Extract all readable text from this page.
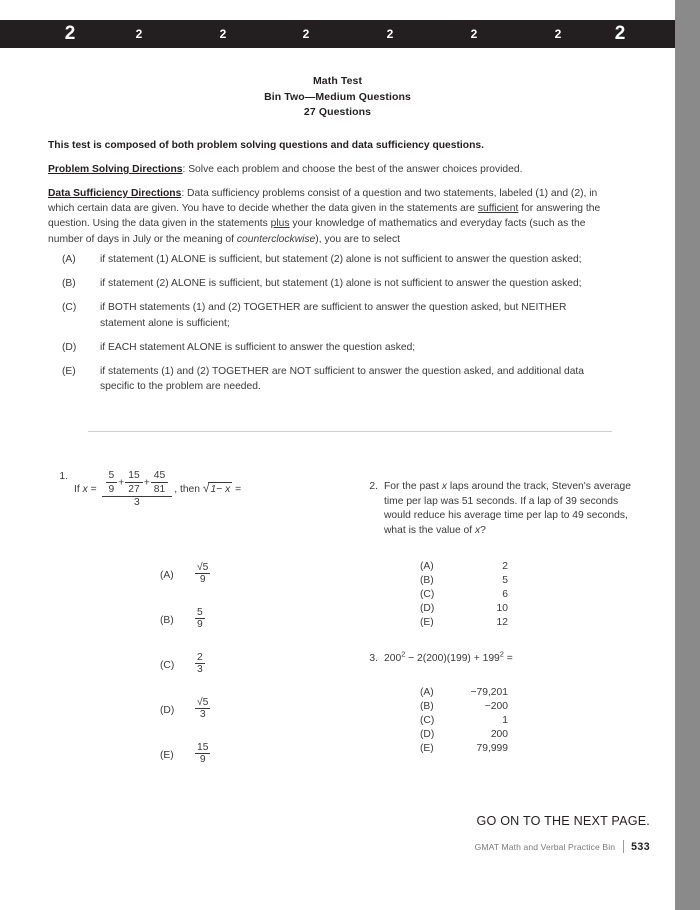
2	2	2	2	2	2	2	2
Math Test
Bin Two—Medium Questions
27 Questions
This test is composed of both problem solving questions and data sufficiency questions.
Problem Solving Directions: Solve each problem and choose the best of the answer choices provided.
Data Sufficiency Directions: Data sufficiency problems consist of a question and two statements, labeled (1) and (2), in which certain data are given. You have to decide whether the data given in the statements are sufficient for answering the question. Using the data given in the statements plus your knowledge of mathematics and everyday facts (such as the number of days in July or the meaning of counterclockwise), you are to select
(A)	if statement (1) ALONE is sufficient, but statement (2) alone is not sufficient to answer the question asked;
(B)	if statement (2) ALONE is sufficient, but statement (1) alone is not sufficient to answer the question asked;
(C)	if BOTH statements (1) and (2) TOGETHER are sufficient to answer the question asked, but NEITHER statement alone is sufficient;
(D)	if EACH statement ALONE is sufficient to answer the question asked;
(E)	if statements (1) and (2) TOGETHER are NOT sufficient to answer the question asked, and additional data specific to the problem are needed.
1.
If $x = \frac{5}{9} + \frac{15}{27} + \frac{45}{81}$
3
, then √1− x =
(A)	$\frac{√5}{9}$
(B)	$\frac{5}{9}$
(C)	$\frac{2}{3}$
(D)	$\frac{√5}{3}$
(E)	$\frac{15}{9}$
2. For the past x laps around the track, Steven's average time per lap was 51 seconds. If a lap of 39 seconds would reduce his average time per lap to 49 seconds, what is the value of x?
(A)	2
(B)	5
(C)	6
(D)	10
(E)	12
3. $200^2 - 2(200)(199) + 199^2$ =
(A)	−79,201
(B)	−200
(C)	1
(D)	200
(E)	79,999
GO ON TO THE NEXT PAGE.
GMAT Math and Verbal Practice Bin 533
